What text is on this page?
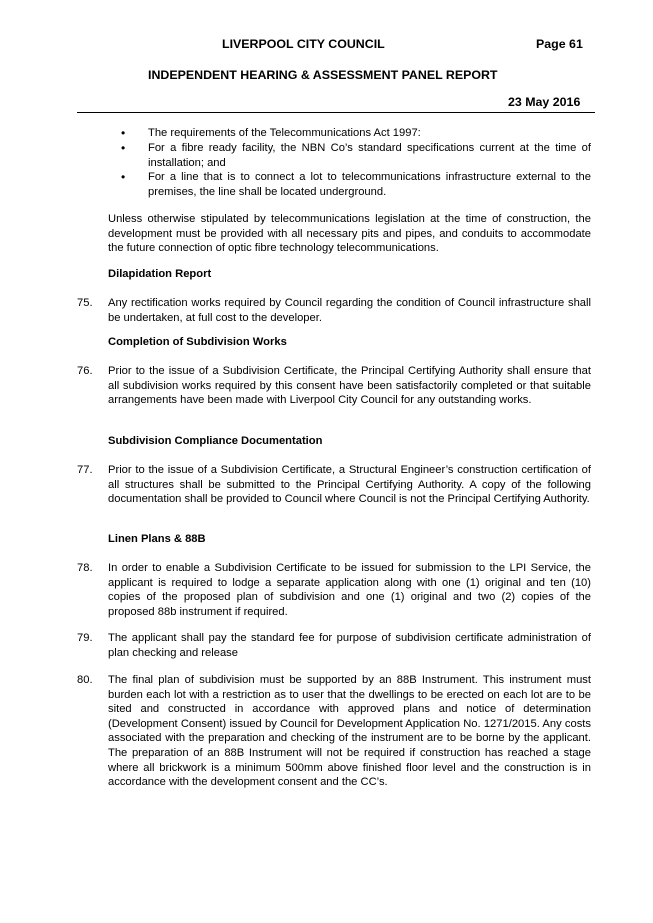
LIVERPOOL CITY COUNCIL	Page 61
INDEPENDENT HEARING & ASSESSMENT PANEL REPORT
23 May 2016
• The requirements of the Telecommunications Act 1997:
• For a fibre ready facility, the NBN Co’s standard specifications current at the time of installation; and
• For a line that is to connect a lot to telecommunications infrastructure external to the premises, the line shall be located underground.
Unless otherwise stipulated by telecommunications legislation at the time of construction, the development must be provided with all necessary pits and pipes, and conduits to accommodate the future connection of optic fibre technology telecommunications.
Dilapidation Report
75. Any rectification works required by Council regarding the condition of Council infrastructure shall be undertaken, at full cost to the developer.
Completion of Subdivision Works
76. Prior to the issue of a Subdivision Certificate, the Principal Certifying Authority shall ensure that all subdivision works required by this consent have been satisfactorily completed or that suitable arrangements have been made with Liverpool City Council for any outstanding works.
Subdivision Compliance Documentation
77. Prior to the issue of a Subdivision Certificate, a Structural Engineer’s construction certification of all structures shall be submitted to the Principal Certifying Authority. A copy of the following documentation shall be provided to Council where Council is not the Principal Certifying Authority.
Linen Plans & 88B
78. In order to enable a Subdivision Certificate to be issued for submission to the LPI Service, the applicant is required to lodge a separate application along with one (1) original and ten (10) copies of the proposed plan of subdivision and one (1) original and two (2) copies of the proposed 88b instrument if required.
79. The applicant shall pay the standard fee for purpose of subdivision certificate administration of plan checking and release
80. The final plan of subdivision must be supported by an 88B Instrument. This instrument must burden each lot with a restriction as to user that the dwellings to be erected on each lot are to be sited and constructed in accordance with approved plans and notice of determination (Development Consent) issued by Council for Development Application No. 1271/2015. Any costs associated with the preparation and checking of the instrument are to be borne by the applicant. The preparation of an 88B Instrument will not be required if construction has reached a stage where all brickwork is a minimum 500mm above finished floor level and the construction is in accordance with the development consent and the CC’s.
